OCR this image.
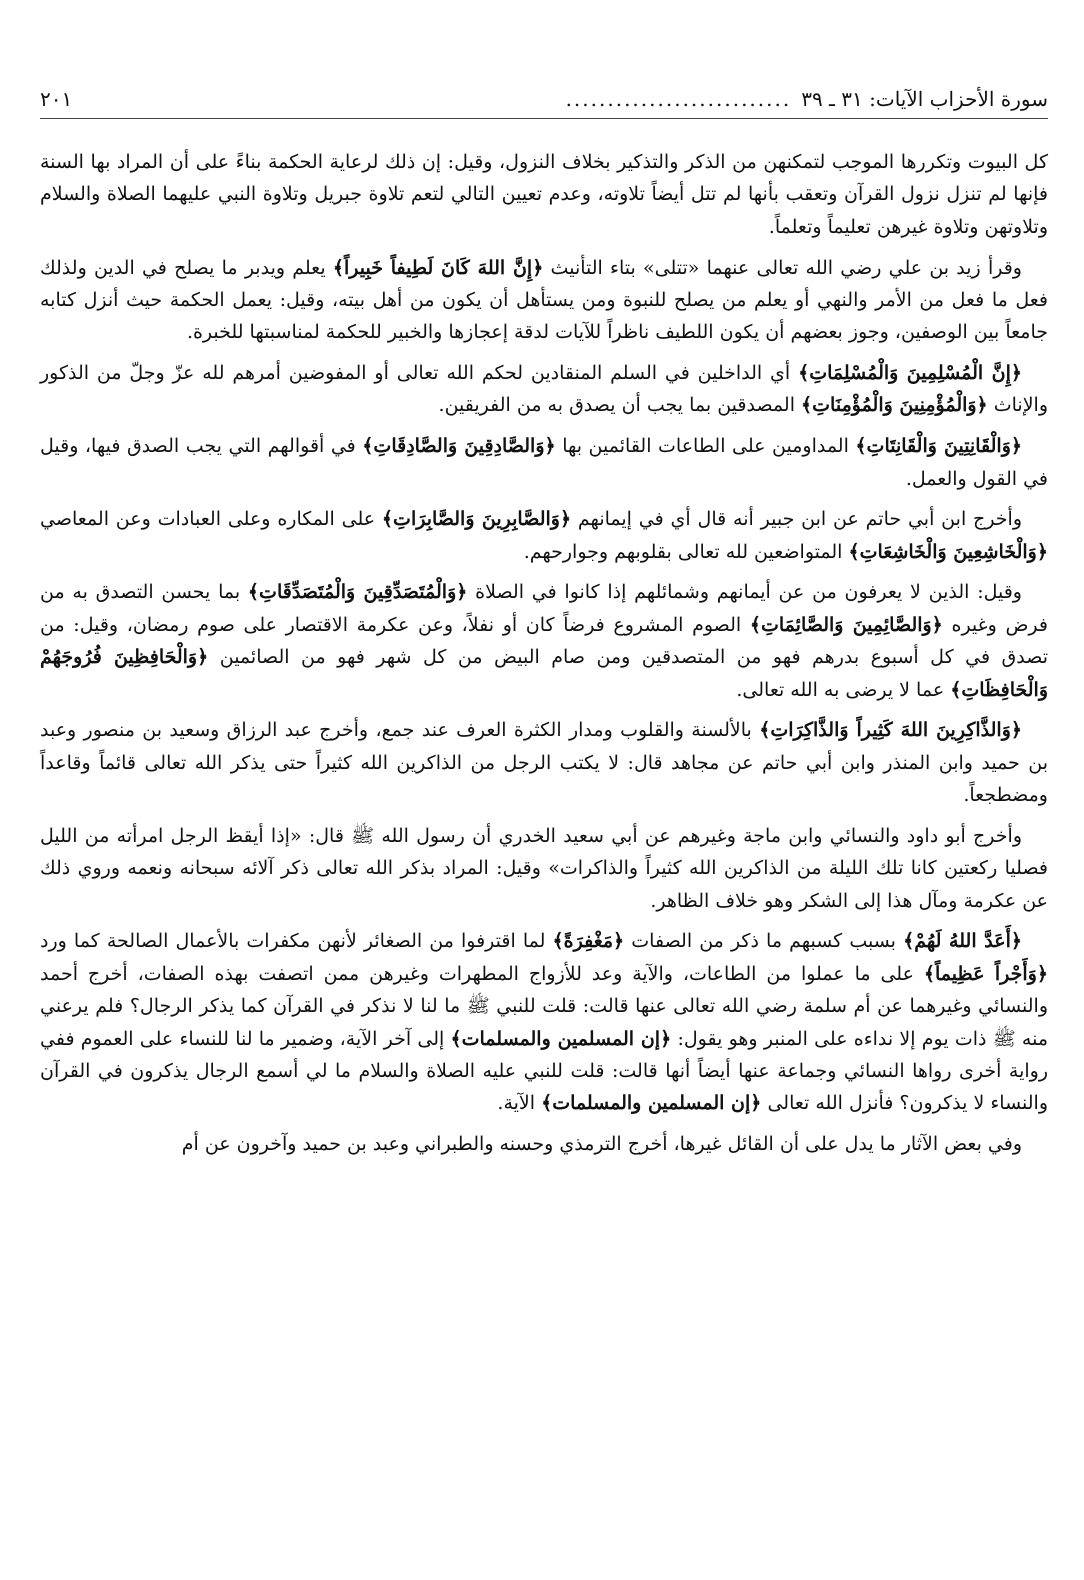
سورة الأحزاب الآيات: ٣١ ـ ٣٩
...........................
٢٠١

كل البيوت وتكررها الموجب لتمكنهن من الذكر والتذكير بخلاف النزول، وقيل: إن ذلك لرعاية الحكمة بناءً على أن المراد بها السنة فإنها لم تنزل نزول القرآن وتعقب بأنها لم تتل أيضاً تلاوته، وعدم تعيين التالي لتعم تلاوة جبريل وتلاوة النبي عليهما الصلاة والسلام وتلاوتهن وتلاوة غيرهن تعليماً وتعلماً.

وقرأ زيد بن علي رضي الله تعالى عنهما «تتلى» بتاء التأنيث ﴿إِنَّ اللهَ كَانَ لَطِيفاً خَبِيراً﴾ يعلم ويدبر ما يصلح في الدين ولذلك فعل ما فعل من الأمر والنهي أو يعلم من يصلح للنبوة ومن يستأهل أن يكون من أهل بيته، وقيل: يعمل الحكمة حيث أنزل كتابه جامعاً بين الوصفين، وجوز بعضهم أن يكون اللطيف ناظراً للآيات لدقة إعجازها والخبير للحكمة لمناسبتها للخبرة.

﴿إِنَّ الْمُسْلِمِينَ وَالْمُسْلِمَاتِ﴾ أي الداخلين في السلم المنقادين لحكم الله تعالى أو المفوضين أمرهم لله عزّ وجلّ من الذكور والإناث ﴿وَالْمُؤْمِنِينَ وَالْمُؤْمِنَاتِ﴾ المصدقين بما يجب أن يصدق به من الفريقين.

﴿وَالْقَانِتِينَ وَالْقَانِتَاتِ﴾ المداومين على الطاعات القائمين بها ﴿وَالصَّادِقِينَ وَالصَّادِقَاتِ﴾ في أقوالهم التي يجب الصدق فيها، وقيل في القول والعمل.

وأخرج ابن أبي حاتم عن ابن جبير أنه قال أي في إيمانهم ﴿وَالصَّابِرِينَ وَالصَّابِرَاتِ﴾ على المكاره وعلى العبادات وعن المعاصي ﴿وَالْخَاشِعِينَ وَالْخَاشِعَاتِ﴾ المتواضعين لله تعالى بقلوبهم وجوارحهم.

وقيل: الذين لا يعرفون من عن أيمانهم وشمائلهم إذا كانوا في الصلاة ﴿وَالْمُتَصَدِّقِينَ وَالْمُتَصَدِّقَاتِ﴾ بما يحسن التصدق به من فرض وغيره ﴿وَالصَّائِمِينَ وَالصَّائِمَاتِ﴾ الصوم المشروع فرضاً كان أو نفلاً، وعن عكرمة الاقتصار على صوم رمضان، وقيل: من تصدق في كل أسبوع بدرهم فهو من المتصدقين ومن صام البيض من كل شهر فهو من الصائمين ﴿وَالْحَافِظِينَ فُرُوجَهُمْ وَالْحَافِظَاتِ﴾ عما لا يرضى به الله تعالى.

﴿وَالذَّاكِرِينَ اللهَ كَثِيراً وَالذَّاكِرَاتِ﴾ بالألسنة والقلوب ومدار الكثرة العرف عند جمع، وأخرج عبد الرزاق وسعيد بن منصور وعبد بن حميد وابن المنذر وابن أبي حاتم عن مجاهد قال: لا يكتب الرجل من الذاكرين الله كثيراً حتى يذكر الله تعالى قائماً وقاعداً ومضطجعاً.

وأخرج أبو داود والنسائي وابن ماجة وغيرهم عن أبي سعيد الخدري أن رسول الله ﷺ قال: «إذا أيقظ الرجل امرأته من الليل فصليا ركعتين كانا تلك الليلة من الذاكرين الله كثيراً والذاكرات» وقيل: المراد بذكر الله تعالى ذكر آلائه سبحانه ونعمه وروي ذلك عن عكرمة ومآل هذا إلى الشكر وهو خلاف الظاهر.

﴿أَعَدَّ اللهُ لَهُمْ﴾ بسبب كسبهم ما ذكر من الصفات ﴿مَغْفِرَةً﴾ لما اقترفوا من الصغائر لأنهن مكفرات بالأعمال الصالحة كما ورد ﴿وَأَجْراً عَظِيماً﴾ على ما عملوا من الطاعات، والآية وعد للأزواج المطهرات وغيرهن ممن اتصفت بهذه الصفات، أخرج أحمد والنسائي وغيرهما عن أم سلمة رضي الله تعالى عنها قالت: قلت للنبي ﷺ ما لنا لا نذكر في القرآن كما يذكر الرجال؟ فلم يرعني منه ﷺ ذات يوم إلا نداءه على المنبر وهو يقول: ﴿إن المسلمين والمسلمات﴾ إلى آخر الآية، وضمير ما لنا للنساء على العموم ففي رواية أخرى رواها النسائي وجماعة عنها أيضاً أنها قالت: قلت للنبي عليه الصلاة والسلام ما لي أسمع الرجال يذكرون في القرآن والنساء لا يذكرون؟ فأنزل الله تعالى ﴿إن المسلمين والمسلمات﴾ الآية.

وفي بعض الآثار ما يدل على أن القائل غيرها، أخرج الترمذي وحسنه والطبراني وعبد بن حميد وآخرون عن أم
